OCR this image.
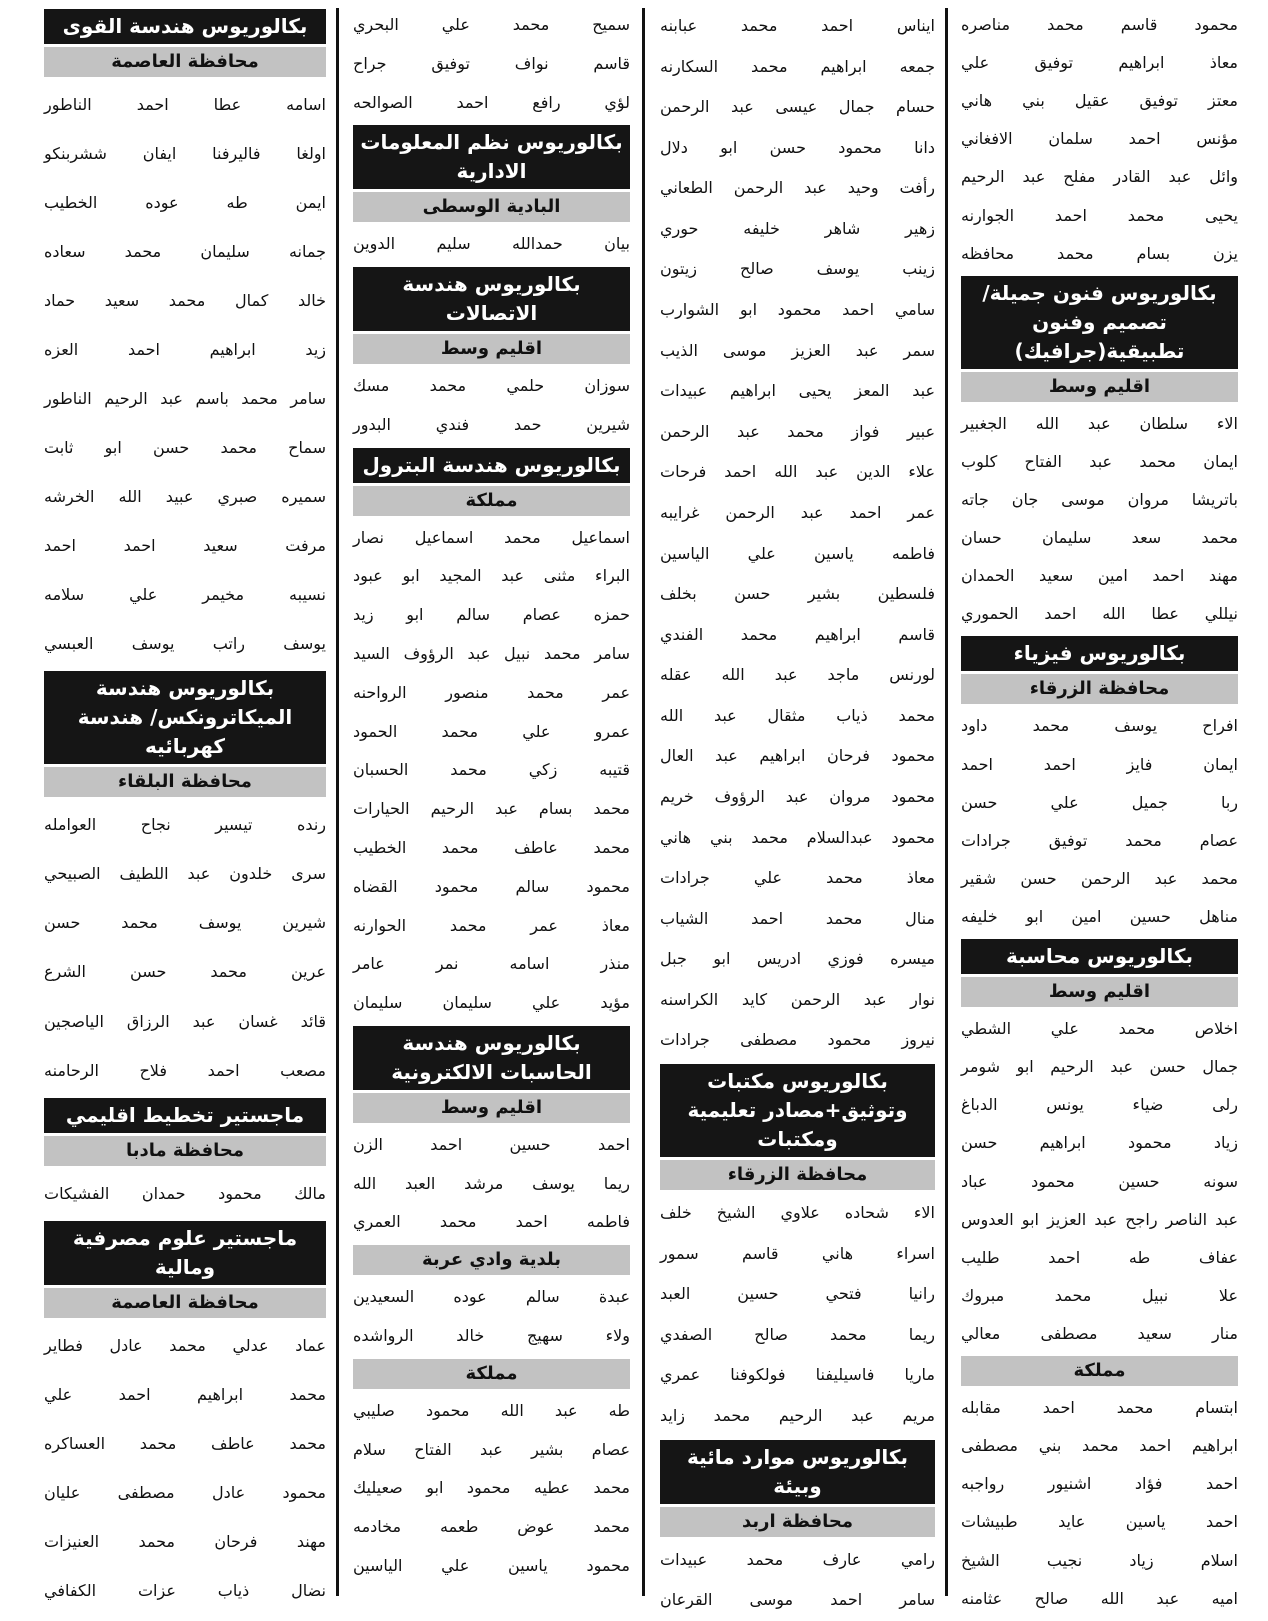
محمود قاسم محمد مناصره
معاذ ابراهيم توفيق علي
معتز توفيق عقيل بني هاني
مؤنس احمد سلمان الافغاني
وائل عبد القادر مفلح عبد الرحيم
يحيى محمد احمد الجوارنه
يزن بسام محمد محافظه
بكالوريوس فنون جميلة/تصميم وفنون تطبيقية(جرافيك)
اقليم وسط
الاء سلطان عبد الله الجغبير
ايمان محمد عبد الفتاح كلوب
باتريشا مروان موسى جان جاته
محمد سعد سليمان حسان
مهند احمد امين سعيد الحمدان
نيللي عطا الله احمد الحموري
بكالوريوس فيزياء
محافظة الزرقاء
افراح يوسف محمد داود
ايمان فايز احمد احمد
ربا جميل علي حسن
عصام محمد توفيق جرادات
محمد عبد الرحمن حسن شقير
مناهل حسين امين ابو خليفه
بكالوريوس محاسبة
اقليم وسط
اخلاص محمد علي الشطي
جمال حسن عبد الرحيم ابو شومر
رلى ضياء يونس الدباغ
زياد محمود ابراهيم حسن
سونه حسين محمود عباد
عبد الناصر راجح عبد العزيز ابو العدوس
عفاف طه احمد طليب
علا نبيل محمد مبروك
منار سعيد مصطفى معالي
مملكة
ابتسام محمد احمد مقابله
ابراهيم احمد محمد بني مصطفى
احمد فؤاد اشنيور رواجبه
احمد ياسين عايد طبيشات
اسلام زياد نجيب الشيخ
اميه عبد الله صالح عثامنه
ايناس احمد محمد عبابنه
جمعه ابراهيم محمد السكارنه
حسام جمال عيسى عبد الرحمن
دانا محمود حسن ابو دلال
رأفت وحيد عبد الرحمن الطعاني
زهير شاهر خليفه حوري
زينب يوسف صالح زيتون
سامي احمد محمود ابو الشوارب
سمر عبد العزيز موسى الذيب
عبد المعز يحيى ابراهيم عبيدات
عبير فواز محمد عبد الرحمن
علاء الدين عبد الله احمد فرحات
عمر احمد عبد الرحمن غرايبه
فاطمه ياسين علي الياسين
فلسطين بشير حسن بخلف
قاسم ابراهيم محمد الفندي
لورنس ماجد عبد الله عقله
محمد ذياب مثقال عبد الله
محمود فرحان ابراهيم عبد العال
محمود مروان عبد الرؤوف خريم
محمود عبدالسلام محمد بني هاني
معاذ محمد علي جرادات
منال محمد احمد الشياب
ميسره فوزي ادريس ابو جبل
نوار عبد الرحمن كايد الكراسنه
نيروز محمود مصطفى جرادات
بكالوريوس مكتبات وتوثيق+مصادر تعليمية ومكتبات
محافظة الزرقاء
الاء شحاده علاوي الشيخ خلف
اسراء هاني قاسم سمور
رانيا فتحي حسين العبد
ريما محمد صالح الصفدي
ماريا فاسيليفنا فولكوفنا عمري
مريم عبد الرحيم محمد زايد
بكالوريوس موارد مائية وبيئة
محافظة اربد
رامي عارف محمد عبيدات
سامر احمد موسى القرعان
سميح محمد علي البحري
قاسم نواف توفيق جراح
لؤي رافع احمد الصوالحه
بكالوريوس نظم المعلومات الادارية
البادية الوسطى
بيان حمدالله سليم الدوين
بكالوريوس هندسة الاتصالات
اقليم وسط
سوزان حلمي محمد مسك
شيرين حمد فندي البدور
بكالوريوس هندسة البترول
مملكة
اسماعيل محمد اسماعيل نصار
البراء مثنى عبد المجيد ابو عبود
حمزه عصام سالم ابو زيد
سامر محمد نبيل عبد الرؤوف السيد
عمر محمد منصور الرواحنه
عمرو علي محمد الحمود
قتيبه زكي محمد الحسبان
محمد بسام عبد الرحيم الحيارات
محمد عاطف محمد الخطيب
محمود سالم محمود القضاه
معاذ عمر محمد الحوارنه
منذر اسامه نمر عامر
مؤيد علي سليمان سليمان
بكالوريوس هندسة الحاسبات الالكترونية
اقليم وسط
احمد حسين احمد الزن
ريما يوسف مرشد العبد الله
فاطمه احمد محمد العمري
بلدية وادي عربة
عبدة سالم عوده السعيدين
ولاء سهيج خالد الرواشده
مملكة
طه عبد الله محمود صليبي
عصام بشير عبد الفتاح سلام
محمد عطيه محمود ابو صعيليك
محمد عوض طعمه مخادمه
محمود ياسين علي الياسين
بكالوريوس هندسة القوى
محافظة العاصمة
اسامه عطا احمد الناطور
اولغا فاليرفنا ايفان ششربنكو
ايمن طه عوده الخطيب
جمانه سليمان محمد سعاده
خالد كمال محمد سعيد حماد
زيد ابراهيم احمد العزه
سامر محمد باسم عبد الرحيم الناطور
سماح محمد حسن ابو ثابت
سميره صبري عبيد الله الخرشه
مرفت سعيد احمد احمد
نسيبه مخيمر علي سلامه
يوسف راتب يوسف العبسي
بكالوريوس هندسة الميكاترونكس/ هندسة كهربائيه
محافظة البلقاء
رنده تيسير نجاح العوامله
سرى خلدون عبد اللطيف الصبيحي
شيرين يوسف محمد حسن
عرين محمد حسن الشرع
قائد غسان عبد الرزاق الياصجين
مصعب احمد فلاح الرحامنه
ماجستير تخطيط اقليمي
محافظة مادبا
مالك محمود حمدان الفشيكات
ماجستير علوم مصرفية ومالية
محافظة العاصمة
عماد عدلي محمد عادل فطاير
محمد ابراهيم احمد علي
محمد عاطف محمد العساكره
محمود عادل مصطفى عليان
مهند فرحان محمد العنيزات
نضال ذياب عزات الكفافي
